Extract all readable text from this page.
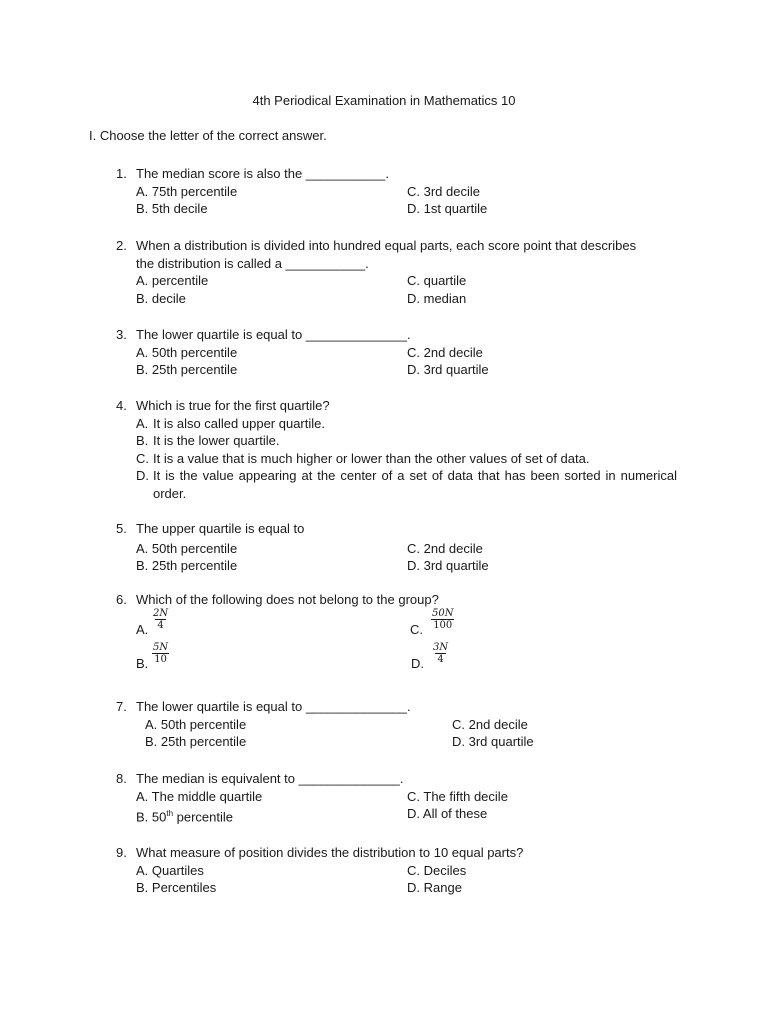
4th Periodical Examination in Mathematics 10
I. Choose the letter of the correct answer.
1. The median score is also the ___________.
A. 75th percentile	C. 3rd decile
B. 5th decile	D. 1st quartile
2. When a distribution is divided into hundred equal parts, each score point that describes
the distribution is called a ___________.
A. percentile	C. quartile
B. decile	D. median
3. The lower quartile is equal to ______________.
A. 50th percentile	C. 2nd decile
B. 25th percentile	D. 3rd quartile
4. Which is true for the first quartile?
A. It is also called upper quartile.
B. It is the lower quartile.
C. It is a value that is much higher or lower than the other values of set of data.
D. It is the value appearing at the center of a set of data that has been sorted in numerical order.
5. The upper quartile is equal to
A. 50th percentile	C. 2nd decile
B. 25th percentile	D. 3rd quartile
6. Which of the following does not belong to the group?
A. $\frac{2N}{4}$	C. $\frac{50N}{100}$
B. $\frac{5N}{10}$	D. $\frac{3N}{4}$
7. The lower quartile is equal to ______________.
A. 50th percentile	C. 2nd decile
B. 25th percentile	D. 3rd quartile
8. The median is equivalent to ______________.
A. The middle quartile	C. The fifth decile
B. 50th percentile	D. All of these
9. What measure of position divides the distribution to 10 equal parts?
A. Quartiles	C. Deciles
B. Percentiles	D. Range
